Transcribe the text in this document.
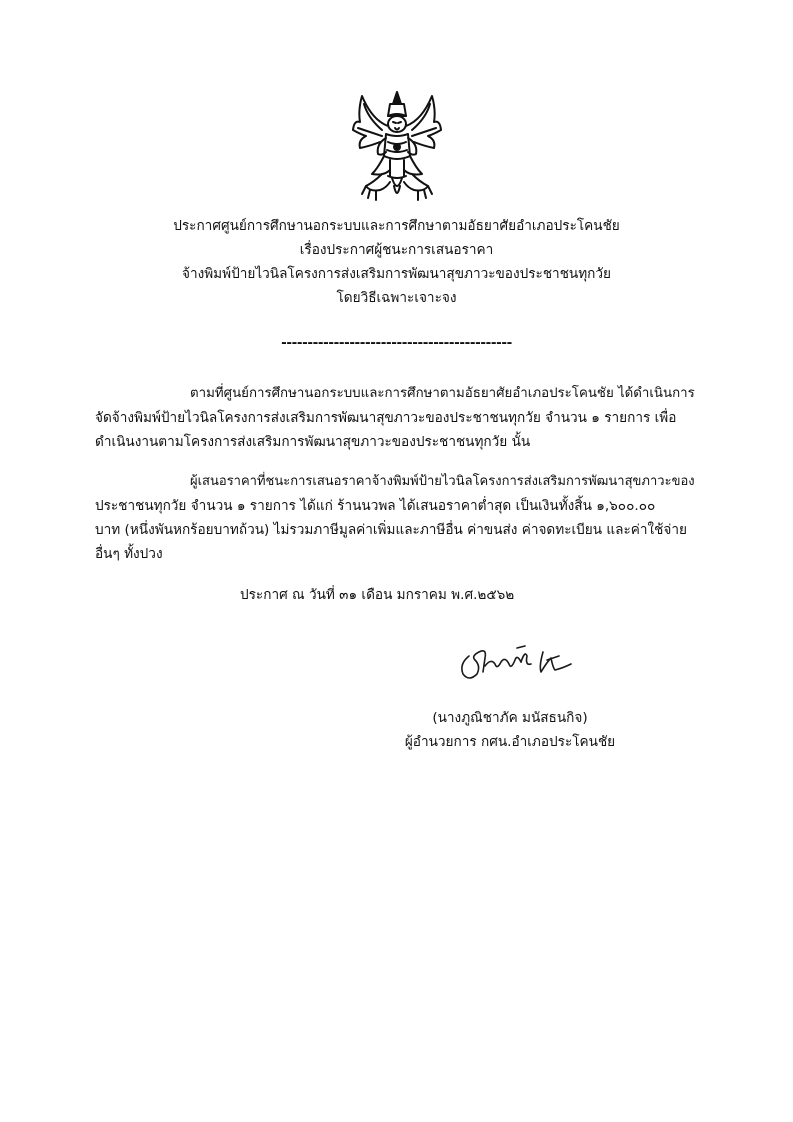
ประกาศศูนย์การศึกษานอกระบบและการศึกษาตามอัธยาศัยอำเภอประโคนชัย
เรื่องประกาศผู้ชนะการเสนอราคา
จ้างพิมพ์ป้ายไวนิลโครงการส่งเสริมการพัฒนาสุขภาวะของประชาชนทุกวัย
โดยวิธีเฉพาะเจาะจง
--------------------------------------------
ตามที่ศูนย์การศึกษานอกระบบและการศึกษาตามอัธยาศัยอำเภอประโคนชัย ได้ดำเนินการ
จัดจ้างพิมพ์ป้ายไวนิลโครงการส่งเสริมการพัฒนาสุขภาวะของประชาชนทุกวัย จำนวน ๑ รายการ เพื่อ
ดำเนินงานตามโครงการส่งเสริมการพัฒนาสุขภาวะของประชาชนทุกวัย นั้น
ผู้เสนอราคาที่ชนะการเสนอราคาจ้างพิมพ์ป้ายไวนิลโครงการส่งเสริมการพัฒนาสุขภาวะของ
ประชาชนทุกวัย จำนวน ๑ รายการ ได้แก่ ร้านนวพล ได้เสนอราคาต่ำสุด เป็นเงินทั้งสิ้น ๑,๖๐๐.๐๐
บาท (หนึ่งพันหกร้อยบาทถ้วน) ไม่รวมภาษีมูลค่าเพิ่มและภาษีอื่น ค่าขนส่ง ค่าจดทะเบียน และค่าใช้จ่าย
อื่นๆ ทั้งปวง
ประกาศ ณ วันที่ ๓๑ เดือน มกราคม พ.ศ.๒๕๖๒
(นางภูณิชาภัค มนัสธนกิจ)
ผู้อำนวยการ กศน.อำเภอประโคนชัย
